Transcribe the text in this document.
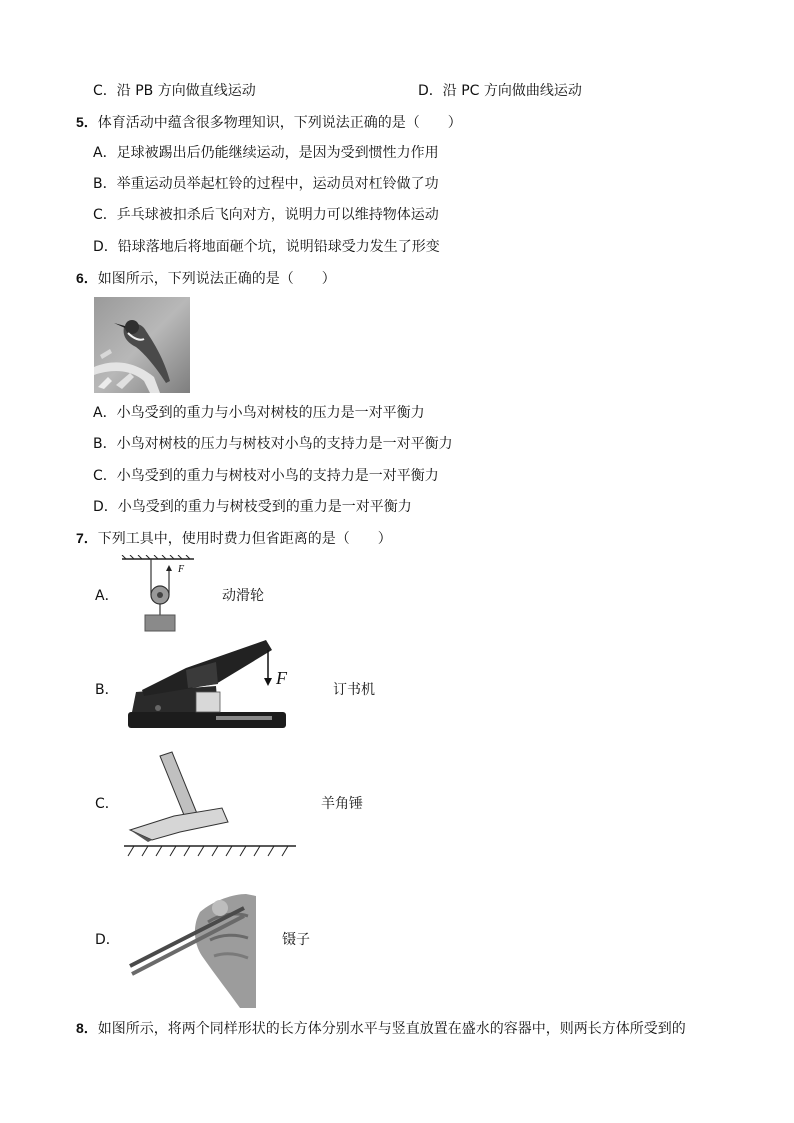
C．沿 PB 方向做直线运动	D．沿 PC 方向做曲线运动
5．体育活动中蕴含很多物理知识，下列说法正确的是（　　）
A．足球被踢出后仍能继续运动，是因为受到惯性力作用
B．举重运动员举起杠铃的过程中，运动员对杠铃做了功
C．乒乓球被扣杀后飞向对方，说明力可以维持物体运动
D．铅球落地后将地面砸个坑，说明铅球受力发生了形变
6．如图所示，下列说法正确的是（　　）
A．小鸟受到的重力与小鸟对树枝的压力是一对平衡力
B．小鸟对树枝的压力与树枝对小鸟的支持力是一对平衡力
C．小鸟受到的重力与树枝对小鸟的支持力是一对平衡力
D．小鸟受到的重力与树枝受到的重力是一对平衡力
7．下列工具中，使用时费力但省距离的是（　　）
A．
F
动滑轮
B．
F
订书机
C．	羊角锤
D．	镊子
8．如图所示，将两个同样形状的长方体分别水平与竖直放置在盛水的容器中，则两长方体所受到的
